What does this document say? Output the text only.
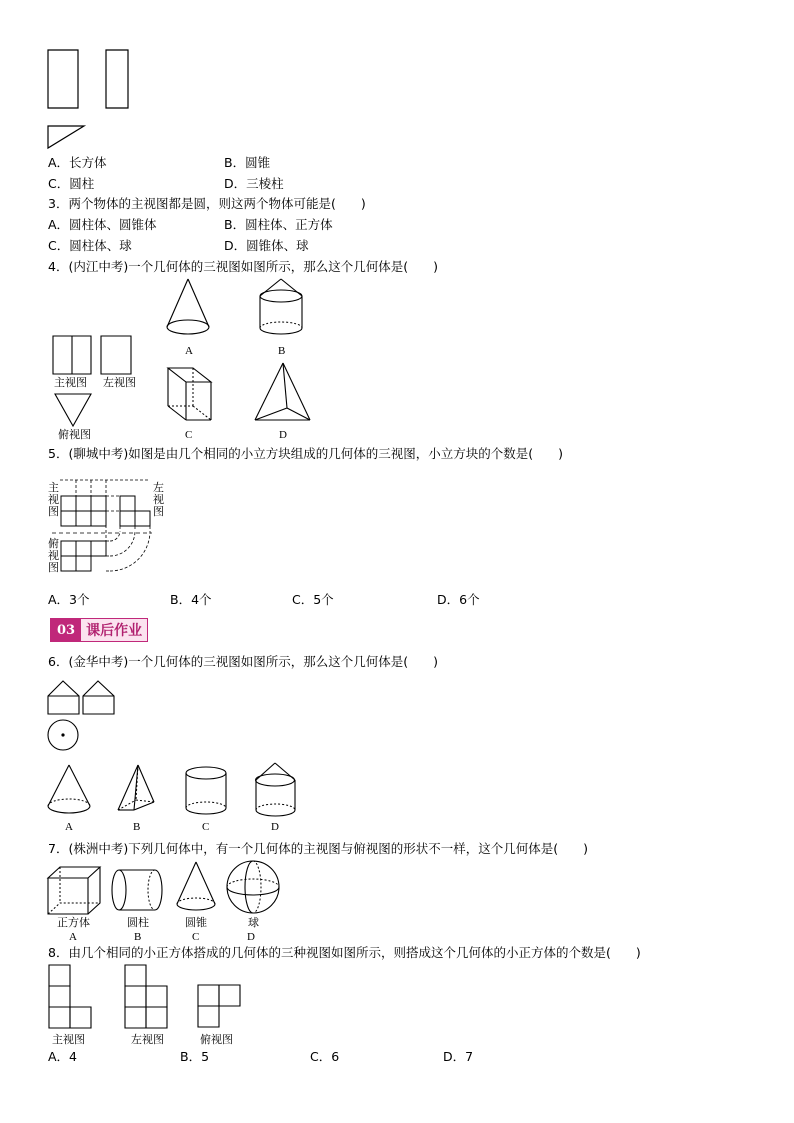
A．长方体	B．圆锥
C．圆柱	D．三棱柱
3．两个物体的主视图都是圆，则这两个物体可能是(　　)
A．圆柱体、圆锥体	B．圆柱体、正方体
C．圆柱体、球	D．圆锥体、球
4．(内江中考)一个几何体的三视图如图所示，那么这个几何体是(　　)
主视图 左视图
俯视图
A	B
C	D
5．(聊城中考)如图是由几个相同的小立方块组成的几何体的三视图，小立方块的个数是(　　)
主
视
图
左
视
图
俯
视
图
A．3个	B．4个	C．5个	D．6个
03 课后作业
6．(金华中考)一个几何体的三视图如图所示，那么这个几何体是(　　)
A	B	C	D
7．(株洲中考)下列几何体中，有一个几何体的主视图与俯视图的形状不一样，这个几何体是(　　)
正方体
A
圆柱
B
圆锥
C
球
D
8．由几个相同的小正方体搭成的几何体的三种视图如图所示，则搭成这个几何体的小正方体的个数是(　　)
主视图	左视图	俯视图
A．4	B．5	C．6	D．7
